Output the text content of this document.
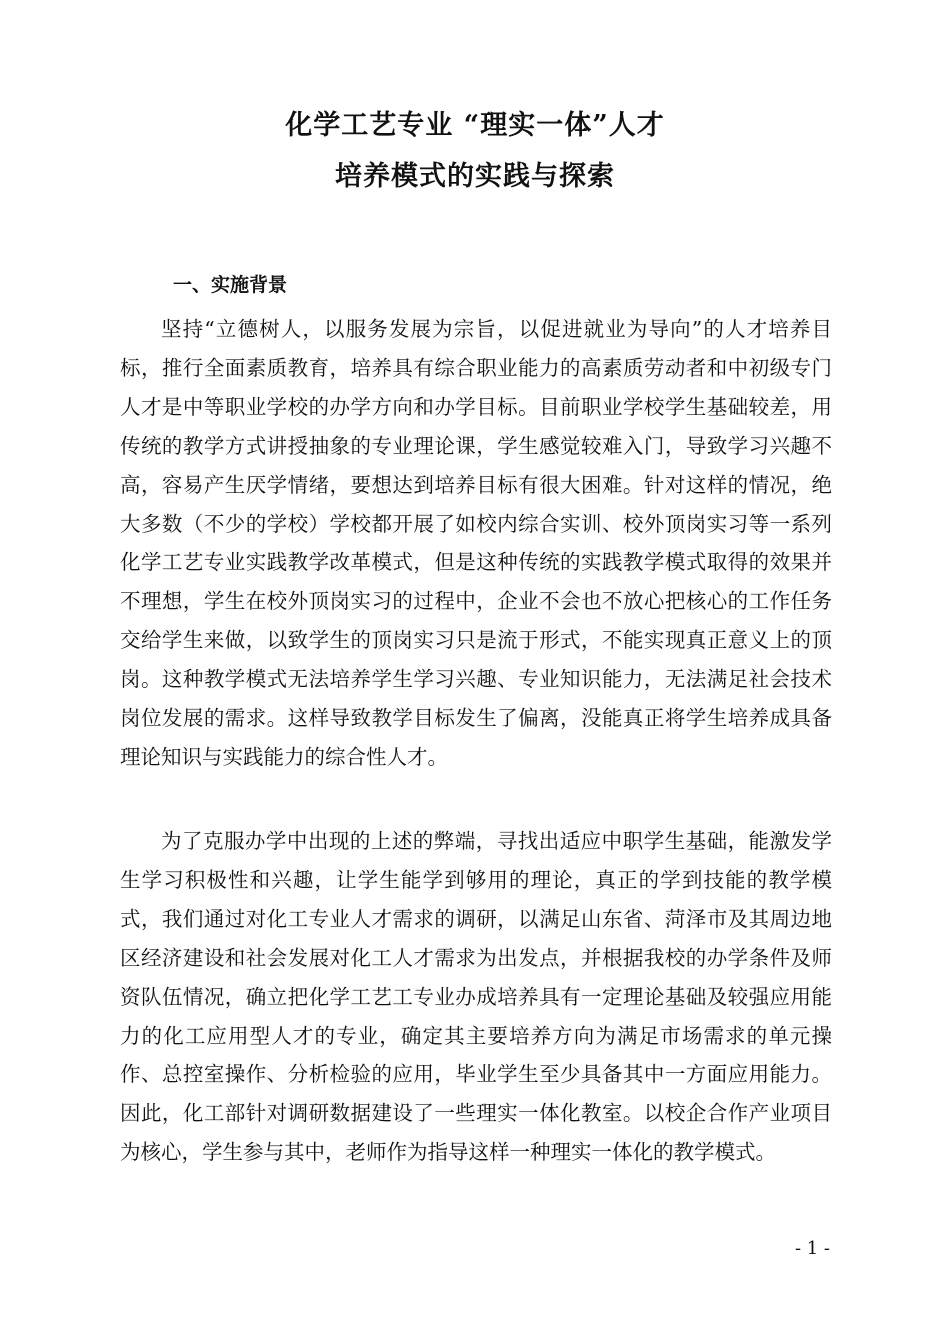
化学工艺专业 “理实一体”人才
培养模式的实践与探索
一、实施背景

坚持“立德树人，以服务发展为宗旨，以促进就业为导向”的人才培养目标，推行全面素质教育，培养具有综合职业能力的高素质劳动者和中初级专门人才是中等职业学校的办学方向和办学目标。目前职业学校学生基础较差，用传统的教学方式讲授抽象的专业理论课，学生感觉较难入门，导致学习兴趣不高，容易产生厌学情绪，要想达到培养目标有很大困难。针对这样的情况，绝大多数（不少的学校）学校都开展了如校内综合实训、校外顶岗实习等一系列化学工艺专业实践教学改革模式，但是这种传统的实践教学模式取得的效果并不理想，学生在校外顶岗实习的过程中，企业不会也不放心把核心的工作任务交给学生来做，以致学生的顶岗实习只是流于形式，不能实现真正意义上的顶岗。这种教学模式无法培养学生学习兴趣、专业知识能力，无法满足社会技术岗位发展的需求。这样导致教学目标发生了偏离，没能真正将学生培养成具备理论知识与实践能力的综合性人才。

为了克服办学中出现的上述的弊端，寻找出适应中职学生基础，能激发学生学习积极性和兴趣，让学生能学到够用的理论，真正的学到技能的教学模式，我们通过对化工专业人才需求的调研，以满足山东省、菏泽市及其周边地区经济建设和社会发展对化工人才需求为出发点，并根据我校的办学条件及师资队伍情况，确立把化学工艺工专业办成培养具有一定理论基础及较强应用能力的化工应用型人才的专业，确定其主要培养方向为满足市场需求的单元操作、总控室操作、分析检验的应用，毕业学生至少具备其中一方面应用能力。因此，化工部针对调研数据建设了一些理实一体化教室。以校企合作产业项目为核心，学生参与其中，老师作为指导这样一种理实一体化的教学模式。

- 1 -
